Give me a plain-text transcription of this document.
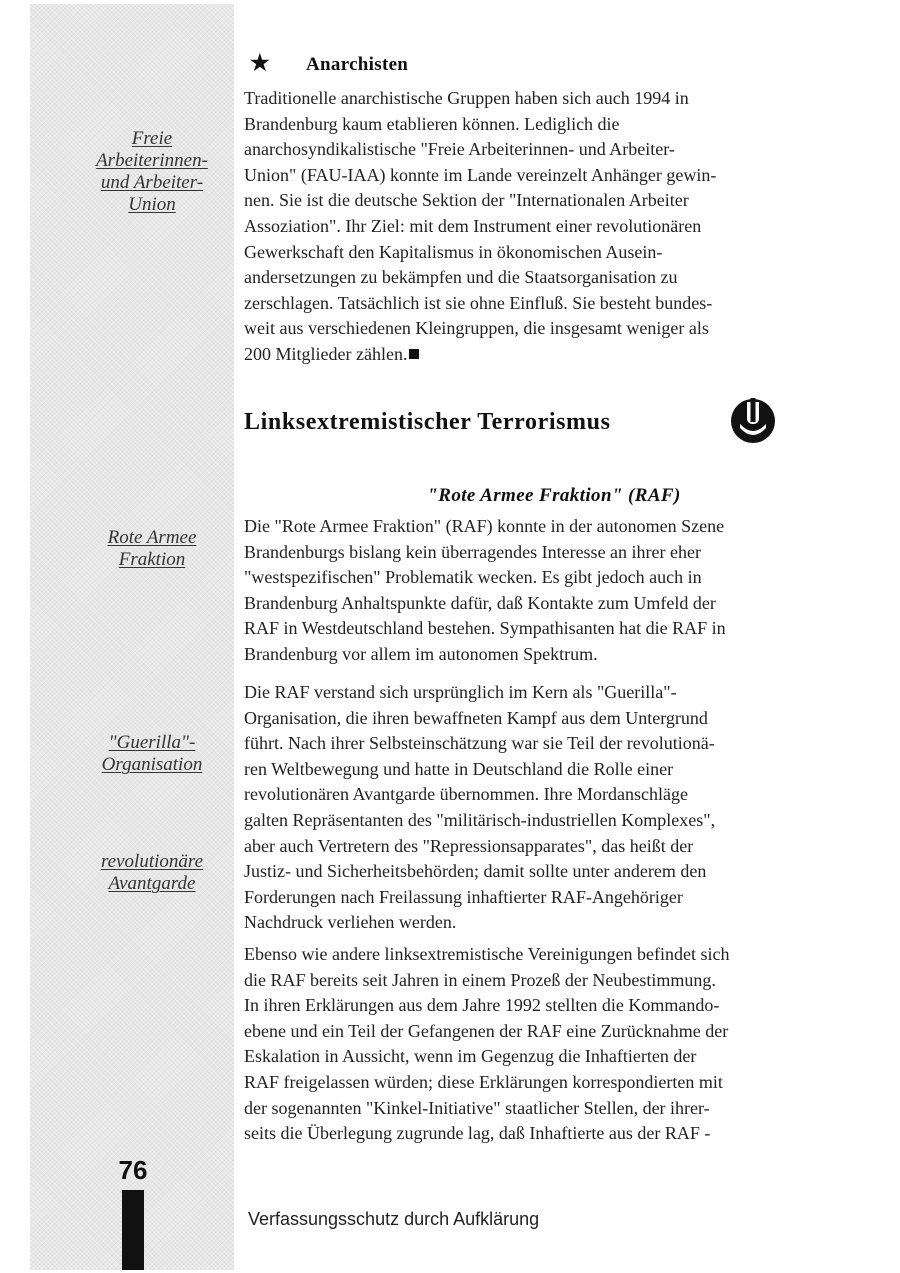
Freie
Arbeiterinnen-
und Arbeiter-
Union
Rote Armee
Fraktion
"Guerilla"-
Organisation
revolutionäre
Avantgarde
76
★ Anarchisten

Traditionelle anarchistische Gruppen haben sich auch 1994 in
Brandenburg kaum etablieren können. Lediglich die
anarchosyndikalistische "Freie Arbeiterinnen- und Arbeiter-
Union" (FAU-IAA) konnte im Lande vereinzelt Anhänger gewin-
nen. Sie ist die deutsche Sektion der "Internationalen Arbeiter
Assoziation". Ihr Ziel: mit dem Instrument einer revolutionären
Gewerkschaft den Kapitalismus in ökonomischen Ausein-
andersetzungen zu bekämpfen und die Staatsorganisation zu
zerschlagen. Tatsächlich ist sie ohne Einfluß. Sie besteht bundes-
weit aus verschiedenen Kleingruppen, die insgesamt weniger als
200 Mitglieder zählen.

Linksextremistischer Terrorismus
"Rote Armee Fraktion" (RAF)

Die "Rote Armee Fraktion" (RAF) konnte in der autonomen Szene
Brandenburgs bislang kein überragendes Interesse an ihrer eher
"westspezifischen" Problematik wecken. Es gibt jedoch auch in
Brandenburg Anhaltspunkte dafür, daß Kontakte zum Umfeld der
RAF in Westdeutschland bestehen. Sympathisanten hat die RAF in
Brandenburg vor allem im autonomen Spektrum.

Die RAF verstand sich ursprünglich im Kern als "Guerilla"-
Organisation, die ihren bewaffneten Kampf aus dem Untergrund
führt. Nach ihrer Selbsteinschätzung war sie Teil der revolutionä-
ren Weltbewegung und hatte in Deutschland die Rolle einer
revolutionären Avantgarde übernommen. Ihre Mordanschläge
galten Repräsentanten des "militärisch-industriellen Komplexes",
aber auch Vertretern des "Repressionsapparates", das heißt der
Justiz- und Sicherheitsbehörden; damit sollte unter anderem den
Forderungen nach Freilassung inhaftierter RAF-Angehöriger
Nachdruck verliehen werden.

Ebenso wie andere linksextremistische Vereinigungen befindet sich
die RAF bereits seit Jahren in einem Prozeß der Neubestimmung.
In ihren Erklärungen aus dem Jahre 1992 stellten die Kommando-
ebene und ein Teil der Gefangenen der RAF eine Zurücknahme der
Eskalation in Aussicht, wenn im Gegenzug die Inhaftierten der
RAF freigelassen würden; diese Erklärungen korrespondierten mit
der sogenannten "Kinkel-Initiative" staatlicher Stellen, der ihrer-
seits die Überlegung zugrunde lag, daß Inhaftierte aus der RAF -

Verfassungsschutz durch Aufklärung
